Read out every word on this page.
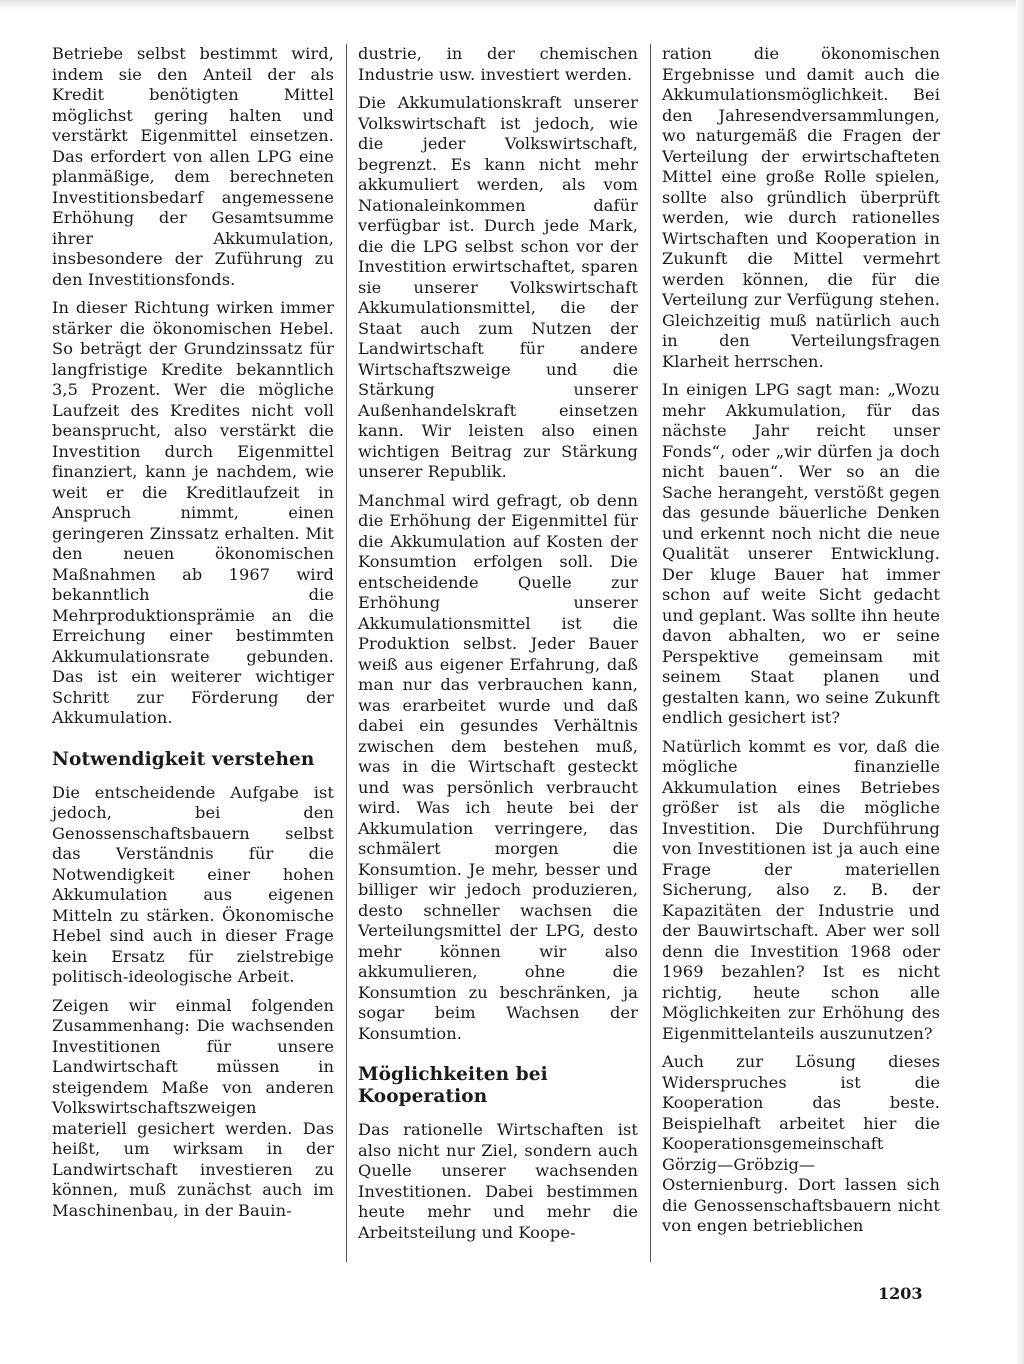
Betriebe selbst bestimmt wird, indem sie den Anteil der als Kredit benötigten Mittel möglichst gering halten und verstärkt Eigenmittel einsetzen. Das erfordert von allen LPG eine planmäßige, dem berechneten Investitionsbedarf angemessene Erhöhung der Gesamtsumme ihrer Akkumulation, insbesondere der Zuführung zu den Investitionsfonds.

In dieser Richtung wirken immer stärker die ökonomischen Hebel. So beträgt der Grundzinssatz für langfristige Kredite bekanntlich 3,5 Prozent. Wer die mögliche Laufzeit des Kredites nicht voll beansprucht, also verstärkt die Investition durch Eigenmittel finanziert, kann je nachdem, wie weit er die Kreditlaufzeit in Anspruch nimmt, einen geringeren Zinssatz erhalten. Mit den neuen ökonomischen Maßnahmen ab 1967 wird bekanntlich die Mehrproduktionsprämie an die Erreichung einer bestimmten Akkumulationsrate gebunden. Das ist ein weiterer wichtiger Schritt zur Förderung der Akkumulation.

Notwendigkeit verstehen

Die entscheidende Aufgabe ist jedoch, bei den Genossenschaftsbauern selbst das Verständnis für die Notwendigkeit einer hohen Akkumulation aus eigenen Mitteln zu stärken. Ökonomische Hebel sind auch in dieser Frage kein Ersatz für zielstrebige politisch-ideologische Arbeit.

Zeigen wir einmal folgenden Zusammenhang: Die wachsenden Investitionen für unsere Landwirtschaft müssen in steigendem Maße von anderen Volkswirtschaftszweigen materiell gesichert werden. Das heißt, um wirksam in der Landwirtschaft investieren zu können, muß zunächst auch im Maschinenbau, in der Bauin-

dustrie, in der chemischen Industrie usw. investiert werden.

Die Akkumulationskraft unserer Volkswirtschaft ist jedoch, wie die jeder Volkswirtschaft, begrenzt. Es kann nicht mehr akkumuliert werden, als vom Nationaleinkommen dafür verfügbar ist. Durch jede Mark, die die LPG selbst schon vor der Investition erwirtschaftet, sparen sie unserer Volkswirtschaft Akkumulationsmittel, die der Staat auch zum Nutzen der Landwirtschaft für andere Wirtschaftszweige und die Stärkung unserer Außenhandelskraft einsetzen kann. Wir leisten also einen wichtigen Beitrag zur Stärkung unserer Republik.

Manchmal wird gefragt, ob denn die Erhöhung der Eigenmittel für die Akkumulation auf Kosten der Konsumtion erfolgen soll. Die entscheidende Quelle zur Erhöhung unserer Akkumulationsmittel ist die Produktion selbst. Jeder Bauer weiß aus eigener Erfahrung, daß man nur das verbrauchen kann, was erarbeitet wurde und daß dabei ein gesundes Verhältnis zwischen dem bestehen muß, was in die Wirtschaft gesteckt und was persönlich verbraucht wird. Was ich heute bei der Akkumulation verringere, das schmälert morgen die Konsumtion. Je mehr, besser und billiger wir jedoch produzieren, desto schneller wachsen die Verteilungsmittel der LPG, desto mehr können wir also akkumulieren, ohne die Konsumtion zu beschränken, ja sogar beim Wachsen der Konsumtion.

Möglichkeiten bei Kooperation

Das rationelle Wirtschaften ist also nicht nur Ziel, sondern auch Quelle unserer wachsenden Investitionen. Dabei bestimmen heute mehr und mehr die Arbeitsteilung und Koope-

ration die ökonomischen Ergebnisse und damit auch die Akkumulationsmöglichkeit. Bei den Jahresendversammlungen, wo naturgemäß die Fragen der Verteilung der erwirtschafteten Mittel eine große Rolle spielen, sollte also gründlich überprüft werden, wie durch rationelles Wirtschaften und Kooperation in Zukunft die Mittel vermehrt werden können, die für die Verteilung zur Verfügung stehen. Gleichzeitig muß natürlich auch in den Verteilungsfragen Klarheit herrschen.

In einigen LPG sagt man: „Wozu mehr Akkumulation, für das nächste Jahr reicht unser Fonds“, oder „wir dürfen ja doch nicht bauen“. Wer so an die Sache herangeht, verstößt gegen das gesunde bäuerliche Denken und erkennt noch nicht die neue Qualität unserer Entwicklung. Der kluge Bauer hat immer schon auf weite Sicht gedacht und geplant. Was sollte ihn heute davon abhalten, wo er seine Perspektive gemeinsam mit seinem Staat planen und gestalten kann, wo seine Zukunft endlich gesichert ist?

Natürlich kommt es vor, daß die mögliche finanzielle Akkumulation eines Betriebes größer ist als die mögliche Investition. Die Durchführung von Investitionen ist ja auch eine Frage der materiellen Sicherung, also z. B. der Kapazitäten der Industrie und der Bauwirtschaft. Aber wer soll denn die Investition 1968 oder 1969 bezahlen? Ist es nicht richtig, heute schon alle Möglichkeiten zur Erhöhung des Eigenmittelanteils auszunutzen?

Auch zur Lösung dieses Widerspruches ist die Kooperation das beste. Beispielhaft arbeitet hier die Kooperationsgemeinschaft Görzig—Gröbzig—Osternienburg. Dort lassen sich die Genossenschaftsbauern nicht von engen betrieblichen

1203
